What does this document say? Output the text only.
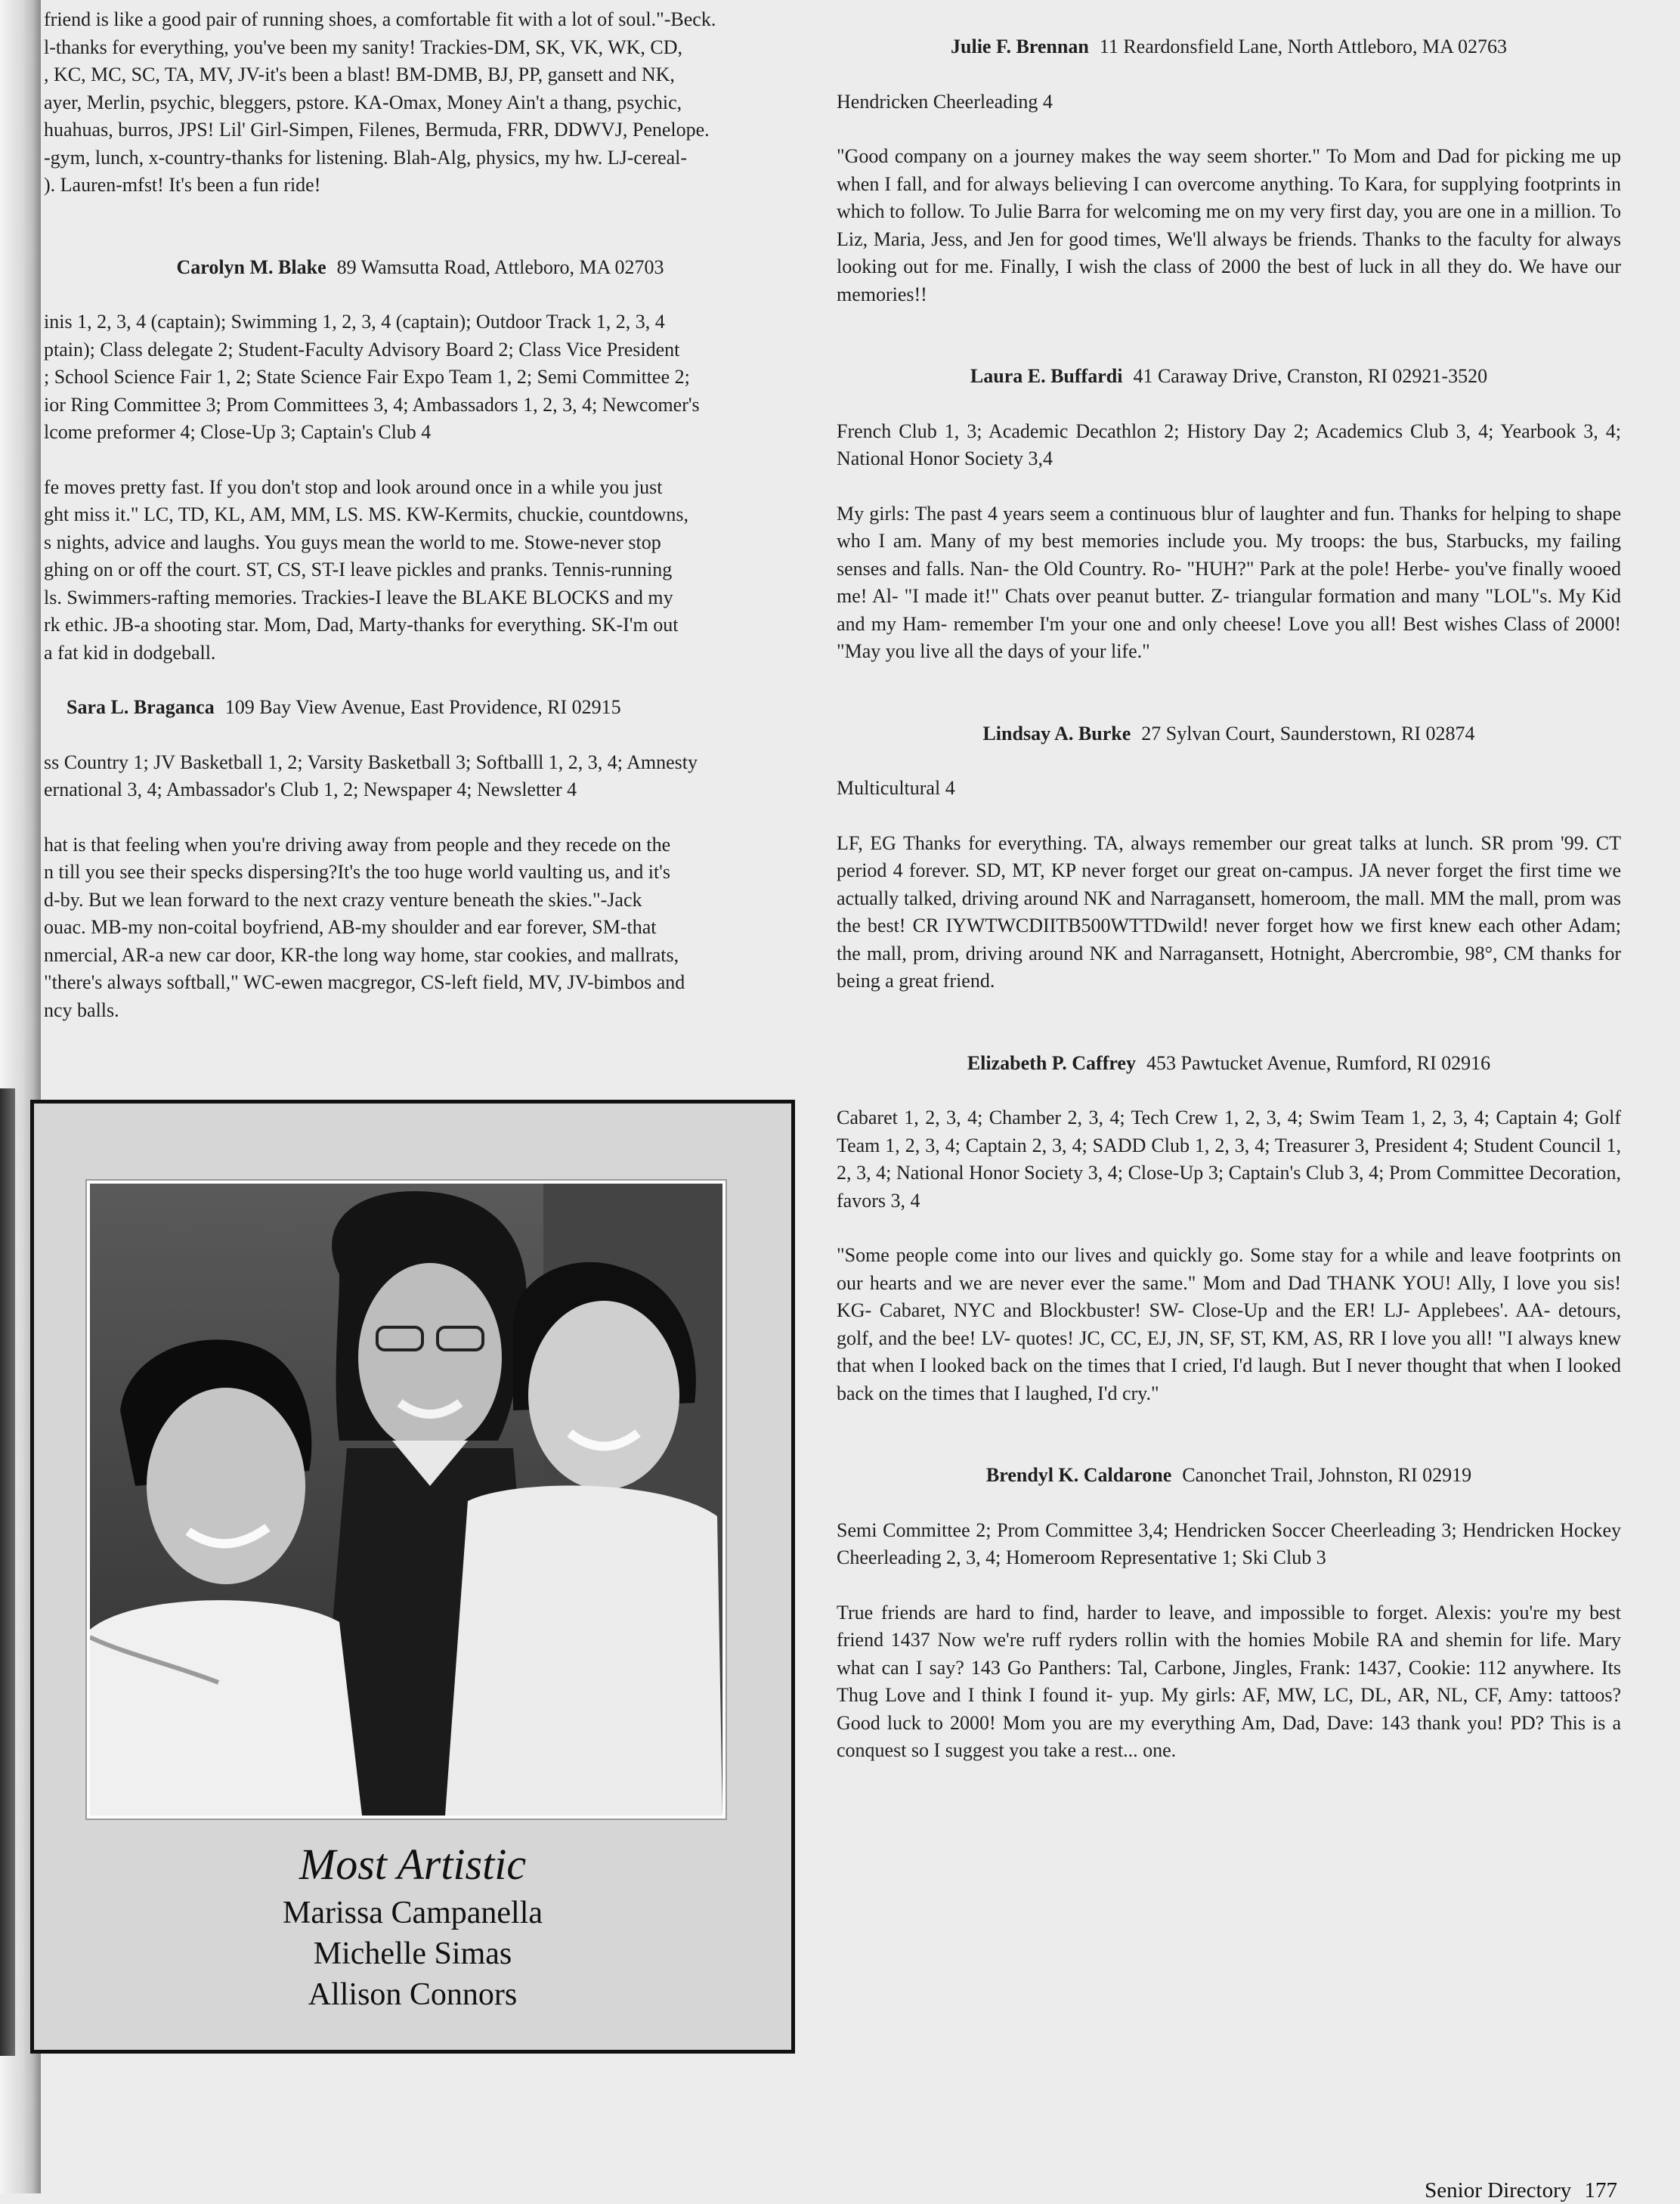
friend is like a good pair of running shoes, a comfortable fit with a lot of soul."-Beck.

l-thanks for everything, you've been my sanity! Trackies-DM, SK, VK, WK, CD,

, KC, MC, SC, TA, MV, JV-it's been a blast! BM-DMB, BJ, PP, gansett and NK,

ayer, Merlin, psychic, bleggers, pstore. KA-Omax, Money Ain't a thang, psychic,

huahuas, burros, JPS! Lil' Girl-Simpen, Filenes, Bermuda, FRR, DDWVJ, Penelope.

-gym, lunch, x-country-thanks for listening. Blah-Alg, physics, my hw. LJ-cereal-

). Lauren-mfst! It's been a fun ride!

Carolyn M. Blake 89 Wamsutta Road, Attleboro, MA 02703

inis 1, 2, 3, 4 (captain); Swimming 1, 2, 3, 4 (captain); Outdoor Track 1, 2, 3, 4

ptain); Class delegate 2; Student-Faculty Advisory Board 2; Class Vice President

; School Science Fair 1, 2; State Science Fair Expo Team 1, 2; Semi Committee 2;

ior Ring Committee 3; Prom Committees 3, 4; Ambassadors 1, 2, 3, 4; Newcomer's

lcome preformer 4; Close-Up 3; Captain's Club 4

fe moves pretty fast. If you don't stop and look around once in a while you just

ght miss it." LC, TD, KL, AM, MM, LS. MS. KW-Kermits, chuckie, countdowns,

s nights, advice and laughs. You guys mean the world to me. Stowe-never stop

ghing on or off the court. ST, CS, ST-I leave pickles and pranks. Tennis-running

ls. Swimmers-rafting memories. Trackies-I leave the BLAKE BLOCKS and my

rk ethic. JB-a shooting star. Mom, Dad, Marty-thanks for everything. SK-I'm out

a fat kid in dodgeball.

Sara L. Braganca 109 Bay View Avenue, East Providence, RI 02915

ss Country 1; JV Basketball 1, 2; Varsity Basketball 3; Softballl 1, 2, 3, 4; Amnesty

ernational 3, 4; Ambassador's Club 1, 2; Newspaper 4; Newsletter 4

hat is that feeling when you're driving away from people and they recede on the

n till you see their specks dispersing?It's the too huge world vaulting us, and it's

d-by. But we lean forward to the next crazy venture beneath the skies."-Jack

ouac. MB-my non-coital boyfriend, AB-my shoulder and ear forever, SM-that

nmercial, AR-a new car door, KR-the long way home, star cookies, and mallrats,

"there's always softball," WC-ewen macgregor, CS-left field, MV, JV-bimbos and

ncy balls.

Most Artistic
Marissa Campanella
Michelle Simas
Allison Connors
Julie F. Brennan 11 Reardonsfield Lane, North Attleboro, MA 02763

Hendricken Cheerleading 4

"Good company on a journey makes the way seem shorter." To Mom and Dad for picking me up when I fall, and for always believing I can overcome anything. To Kara, for supplying footprints in which to follow. To Julie Barra for welcoming me on my very first day, you are one in a million. To Liz, Maria, Jess, and Jen for good times, We'll always be friends. Thanks to the faculty for always looking out for me. Finally, I wish the class of 2000 the best of luck in all they do. We have our memories!!

Laura E. Buffardi 41 Caraway Drive, Cranston, RI 02921-3520

French Club 1, 3; Academic Decathlon 2; History Day 2; Academics Club 3, 4; Yearbook 3, 4; National Honor Society 3,4

My girls: The past 4 years seem a continuous blur of laughter and fun. Thanks for helping to shape who I am. Many of my best memories include you. My troops: the bus, Starbucks, my failing senses and falls. Nan- the Old Country. Ro- "HUH?" Park at the pole! Herbe- you've finally wooed me! Al- "I made it!" Chats over peanut butter. Z- triangular formation and many "LOL"s. My Kid and my Ham- remember I'm your one and only cheese! Love you all! Best wishes Class of 2000! "May you live all the days of your life."

Lindsay A. Burke 27 Sylvan Court, Saunderstown, RI 02874

Multicultural 4

LF, EG Thanks for everything. TA, always remember our great talks at lunch. SR prom '99. CT period 4 forever. SD, MT, KP never forget our great on-campus. JA never forget the first time we actually talked, driving around NK and Narragansett, homeroom, the mall. MM the mall, prom was the best! CR IYWTWCDIITB500WTTDwild! never forget how we first knew each other Adam; the mall, prom, driving around NK and Narragansett, Hotnight, Abercrombie, 98°, CM thanks for being a great friend.

Elizabeth P. Caffrey 453 Pawtucket Avenue, Rumford, RI 02916

Cabaret 1, 2, 3, 4; Chamber 2, 3, 4; Tech Crew 1, 2, 3, 4; Swim Team 1, 2, 3, 4; Captain 4; Golf Team 1, 2, 3, 4; Captain 2, 3, 4; SADD Club 1, 2, 3, 4; Treasurer 3, President 4; Student Council 1, 2, 3, 4; National Honor Society 3, 4; Close-Up 3; Captain's Club 3, 4; Prom Committee Decoration, favors 3, 4

"Some people come into our lives and quickly go. Some stay for a while and leave footprints on our hearts and we are never ever the same." Mom and Dad THANK YOU! Ally, I love you sis! KG- Cabaret, NYC and Blockbuster! SW- Close-Up and the ER! LJ- Applebees'. AA- detours, golf, and the bee! LV- quotes! JC, CC, EJ, JN, SF, ST, KM, AS, RR I love you all! "I always knew that when I looked back on the times that I cried, I'd laugh. But I never thought that when I looked back on the times that I laughed, I'd cry."

Brendyl K. Caldarone Canonchet Trail, Johnston, RI 02919

Semi Committee 2; Prom Committee 3,4; Hendricken Soccer Cheerleading 3; Hendricken Hockey Cheerleading 2, 3, 4; Homeroom Representative 1; Ski Club 3

True friends are hard to find, harder to leave, and impossible to forget. Alexis: you're my best friend 1437 Now we're ruff ryders rollin with the homies Mobile RA and shemin for life. Mary what can I say? 143 Go Panthers: Tal, Carbone, Jingles, Frank: 1437, Cookie: 112 anywhere. Its Thug Love and I think I found it- yup. My girls: AF, MW, LC, DL, AR, NL, CF, Amy: tattoos? Good luck to 2000! Mom you are my everything Am, Dad, Dave: 143 thank you! PD? This is a conquest so I suggest you take a rest... one.

Senior Directory 177
